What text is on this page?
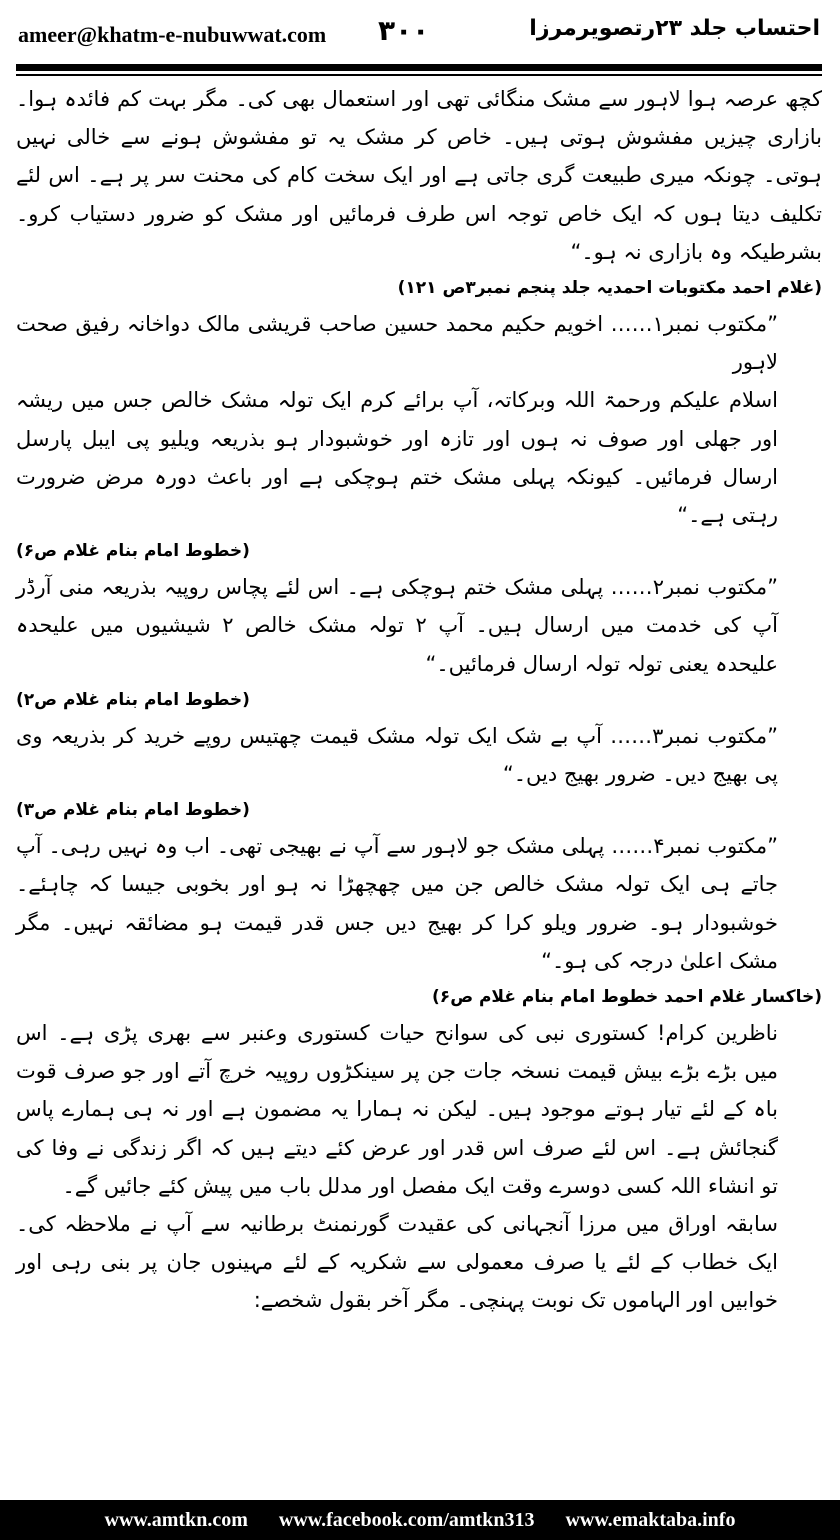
ameer@khatm-e-nubuwwat.com ۳۰۰	احتساب جلد ۲۳رتصویرمرزا

کچھ عرصہ ہوا لاہور سے مشک منگائی تھی اور استعمال بھی کی۔ مگر بہت کم فائدہ ہوا۔ بازاری چیزیں مفشوش ہوتی ہیں۔ خاص کر مشک یہ تو مفشوش ہونے سے خالی نہیں ہوتی۔ چونکہ میری طبیعت گری جاتی ہے اور ایک سخت کام کی محنت سر پر ہے۔ اس لئے تکلیف دیتا ہوں کہ ایک خاص توجہ اس طرف فرمائیں اور مشک کو ضرور دستیاب کرو۔ بشرطیکہ وہ بازاری نہ ہو۔“

(غلام احمد مکتوبات احمدیہ جلد پنجم نمبر۳ص ۱۲۱)

”مکتوب نمبر۱…… اخویم حکیم محمد حسین صاحب قریشی مالک دواخانہ رفیق صحت لاہور

اسلام علیکم ورحمۃ اللہ وبرکاتہ، آپ برائے کرم ایک تولہ مشک خالص جس میں ریشہ اور جھلی اور صوف نہ ہوں اور تازہ اور خوشبودار ہو بذریعہ ویلیو پی ایبل پارسل ارسال فرمائیں۔ کیونکہ پہلی مشک ختم ہوچکی ہے اور باعث دورہ مرض ضرورت رہتی ہے۔“

(خطوط امام بنام غلام ص۶)

”مکتوب نمبر۲…… پہلی مشک ختم ہوچکی ہے۔ اس لئے پچاس روپیہ بذریعہ منی آرڈر آپ کی خدمت میں ارسال ہیں۔ آپ ۲ تولہ مشک خالص ۲ شیشیوں میں علیحدہ علیحدہ یعنی تولہ تولہ ارسال فرمائیں۔“

(خطوط امام بنام غلام ص۲)

”مکتوب نمبر۳…… آپ بے شک ایک تولہ مشک قیمت چھتیس روپے خرید کر بذریعہ وی پی بھیج دیں۔ ضرور بھیج دیں۔“

(خطوط امام بنام غلام ص۳)

”مکتوب نمبر۴…… پہلی مشک جو لاہور سے آپ نے بھیجی تھی۔ اب وہ نہیں رہی۔ آپ جاتے ہی ایک تولہ مشک خالص جن میں چھچھڑا نہ ہو اور بخوبی جیسا کہ چاہئے۔ خوشبودار ہو۔ ضرور ویلو کرا کر بھیج دیں جس قدر قیمت ہو مضائقہ نہیں۔ مگر مشک اعلیٰ درجہ کی ہو۔“

(خاکسار غلام احمد خطوط امام بنام غلام ص۶)

ناظرین کرام! کستوری نبی کی سوانح حیات کستوری وعنبر سے بھری پڑی ہے۔ اس میں بڑے بڑے بیش قیمت نسخہ جات جن پر سینکڑوں روپیہ خرچ آتے اور جو صرف قوت باہ کے لئے تیار ہوتے موجود ہیں۔ لیکن نہ ہمارا یہ مضمون ہے اور نہ ہی ہمارے پاس گنجائش ہے۔ اس لئے صرف اس قدر اور عرض کئے دیتے ہیں کہ اگر زندگی نے وفا کی تو انشاء اللہ کسی دوسرے وقت ایک مفصل اور مدلل باب میں پیش کئے جائیں گے۔

سابقہ اوراق میں مرزا آنجہانی کی عقیدت گورنمنٹ برطانیہ سے آپ نے ملاحظہ کی۔ ایک خطاب کے لئے یا صرف معمولی سے شکریہ کے لئے مہینوں جان پر بنی رہی اور خوابیں اور الہاموں تک نوبت پہنچی۔ مگر آخر بقول شخصے:

www.amtkn.com www.facebook.com/amtkn313 www.emaktaba.info
